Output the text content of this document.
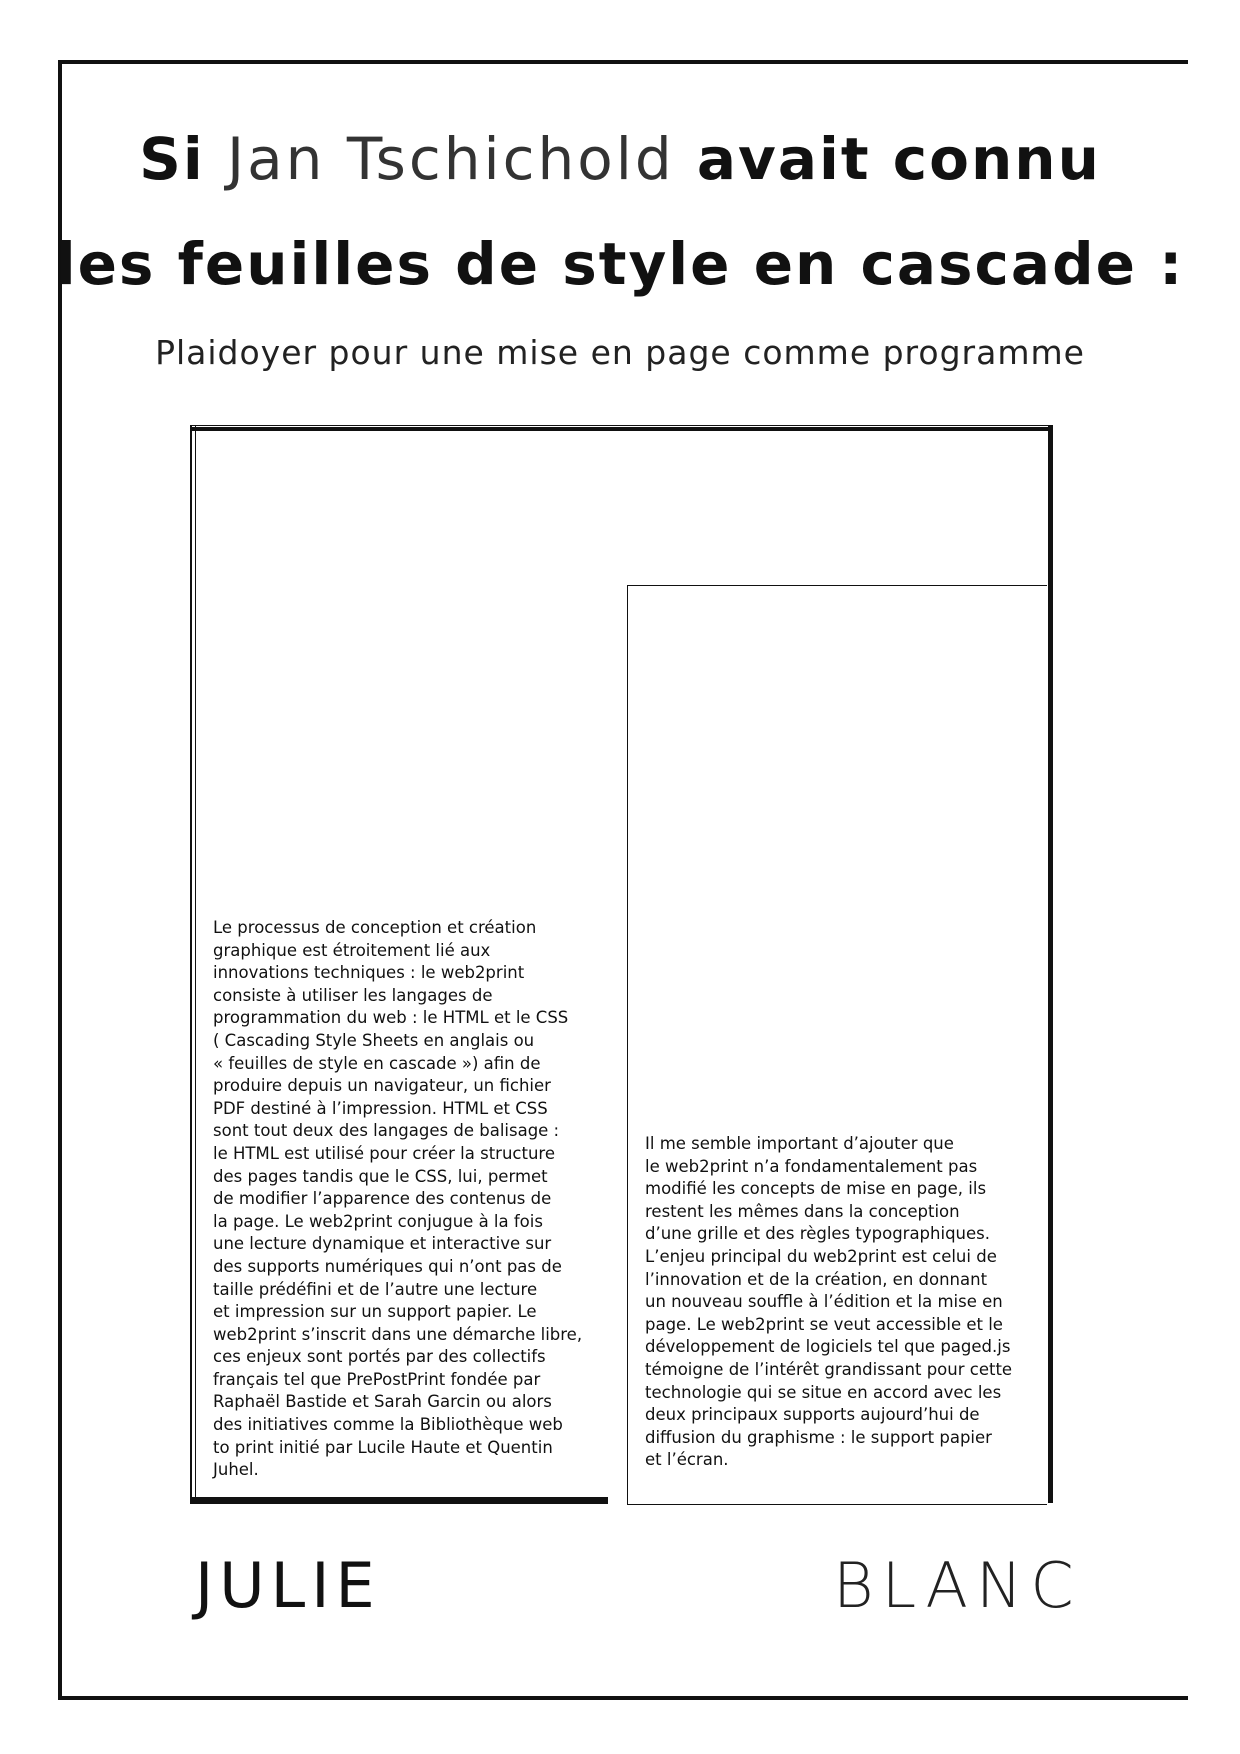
Si Jan Tschichold avait connu
les feuilles de style en cascade :
Plaidoyer pour une mise en page comme programme

Le processus de conception et création
graphique est étroitement lié aux
innovations techniques : le web2print
consiste à utiliser les langages de
programmation du web : le HTML et le CSS
( Cascading Style Sheets en anglais ou
« feuilles de style en cascade ») afin de
produire depuis un navigateur, un fichier
PDF destiné à l’impression. HTML et CSS
sont tout deux des langages de balisage :
le HTML est utilisé pour créer la structure
des pages tandis que le CSS, lui, permet
de modifier l’apparence des contenus de
la page. Le web2print conjugue à la fois
une lecture dynamique et interactive sur
des supports numériques qui n’ont pas de
taille prédéfini et de l’autre une lecture
et impression sur un support papier. Le
web2print s’inscrit dans une démarche libre,
ces enjeux sont portés par des collectifs
français tel que PrePostPrint fondée par
Raphaël Bastide et Sarah Garcin ou alors
des initiatives comme la Bibliothèque web
to print initié par Lucile Haute et Quentin
Juhel.

Il me semble important d’ajouter que
le web2print n’a fondamentalement pas
modifié les concepts de mise en page, ils
restent les mêmes dans la conception
d’une grille et des règles typographiques.
L’enjeu principal du web2print est celui de
l’innovation et de la création, en donnant
un nouveau souffle à l’édition et la mise en
page. Le web2print se veut accessible et le
développement de logiciels tel que paged.js
témoigne de l’intérêt grandissant pour cette
technologie qui se situe en accord avec les
deux principaux supports aujourd’hui de
diffusion du graphisme : le support papier
et l’écran.

JULIE	BLANC
